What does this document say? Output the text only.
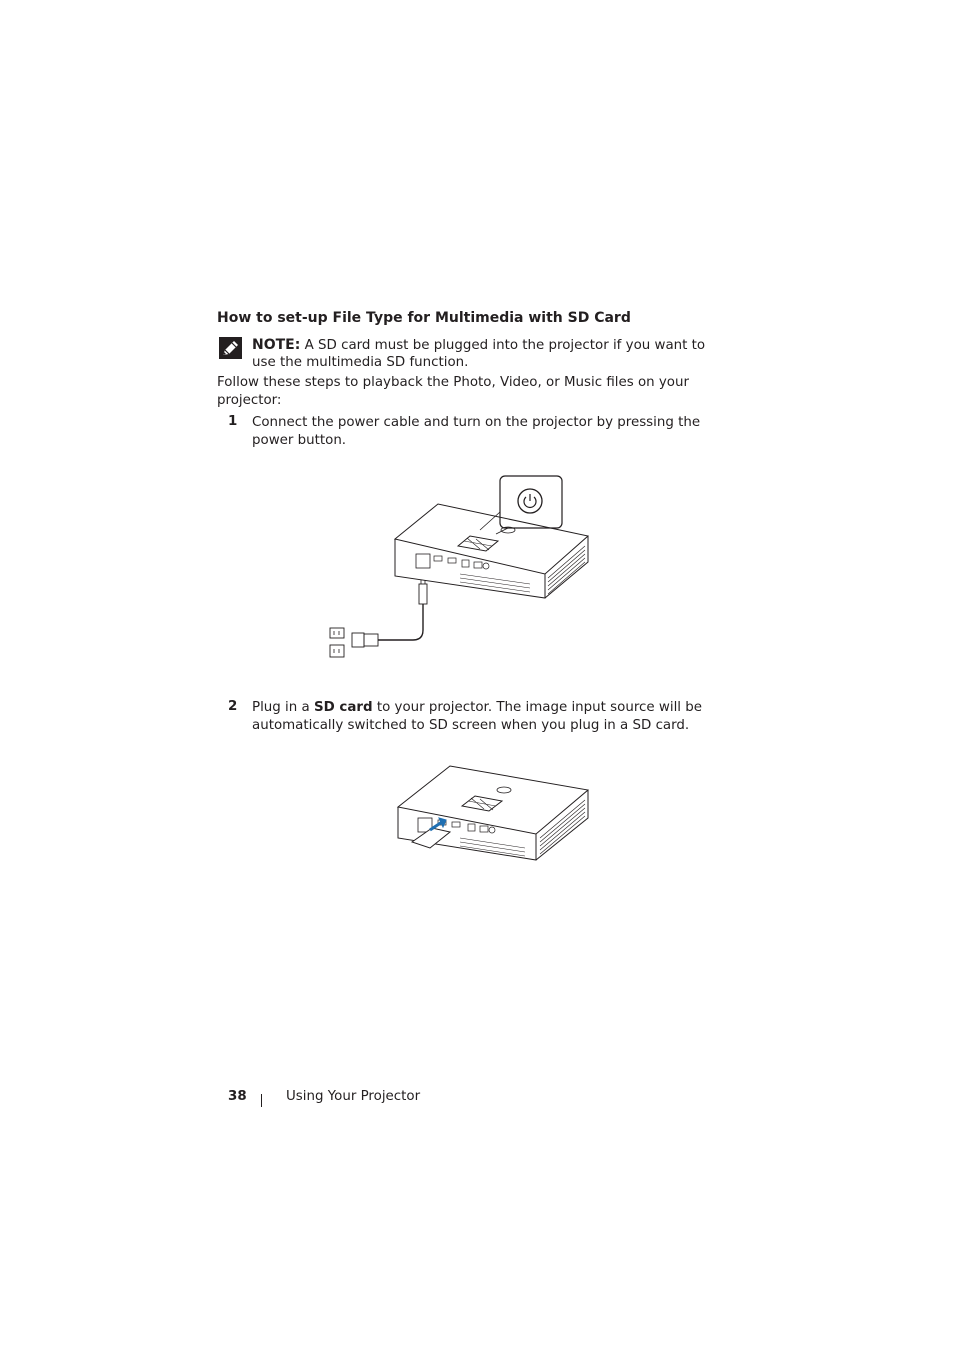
How to set-up File Type for Multimedia with SD Card
NOTE: A SD card must be plugged into the projector if you want to use the multimedia SD function.
Follow these steps to playback the Photo, Video, or Music files on your projector:
1 Connect the power cable and turn on the projector by pressing the power button.
2 Plug in a SD card to your projector. The image input source will be automatically switched to SD screen when you plug in a SD card.
38	Using Your Projector
